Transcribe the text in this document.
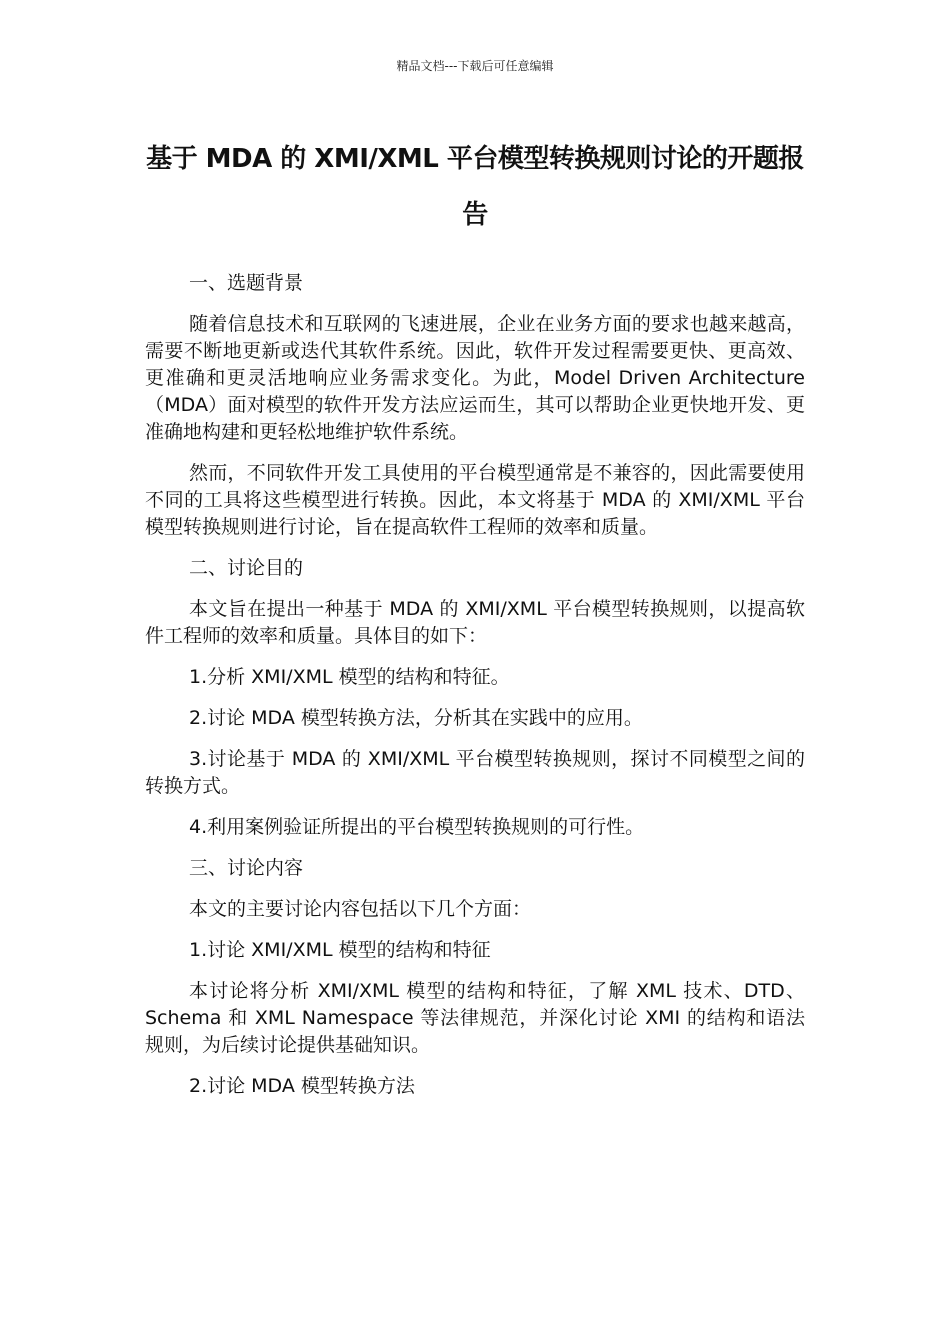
精品文档---下载后可任意编辑
基于 MDA 的 XMI/XML 平台模型转换规则讨论的开题报告

一、选题背景

随着信息技术和互联网的飞速进展，企业在业务方面的要求也越来越高，需要不断地更新或迭代其软件系统。因此，软件开发过程需要更快、更高效、更准确和更灵活地响应业务需求变化。为此，Model Driven Architecture（MDA）面对模型的软件开发方法应运而生，其可以帮助企业更快地开发、更准确地构建和更轻松地维护软件系统。

然而，不同软件开发工具使用的平台模型通常是不兼容的，因此需要使用不同的工具将这些模型进行转换。因此，本文将基于 MDA 的 XMI/XML 平台模型转换规则进行讨论，旨在提高软件工程师的效率和质量。

二、讨论目的

本文旨在提出一种基于 MDA 的 XMI/XML 平台模型转换规则，以提高软件工程师的效率和质量。具体目的如下：

1.分析 XMI/XML 模型的结构和特征。

2.讨论 MDA 模型转换方法，分析其在实践中的应用。

3.讨论基于 MDA 的 XMI/XML 平台模型转换规则，探讨不同模型之间的转换方式。

4.利用案例验证所提出的平台模型转换规则的可行性。

三、讨论内容

本文的主要讨论内容包括以下几个方面：

1.讨论 XMI/XML 模型的结构和特征

本讨论将分析 XMI/XML 模型的结构和特征，了解 XML 技术、DTD、Schema 和 XML Namespace 等法律规范，并深化讨论 XMI 的结构和语法规则，为后续讨论提供基础知识。

2.讨论 MDA 模型转换方法
